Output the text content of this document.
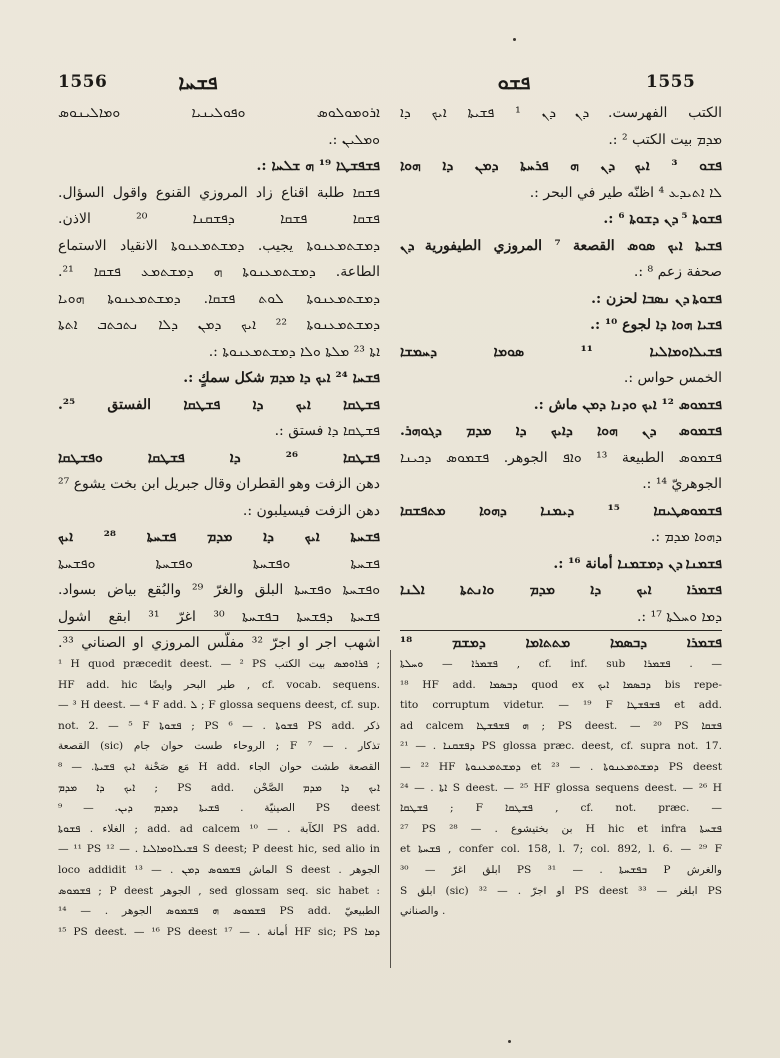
1556	ܦܫܚܐ	ܦܫܘ	1555
ܐܪܘܡܘܠܘܣ ܘܦܘܠܝܢܝܐ ܘܡܐܠܝܢܘܣ
ܘܡܠܝܢ :.
ܦܫܦܫܛܐ ¹⁹ ܗ ܫܠܚܐ :.
ܦܫܩܐ طلبة اقناع زاد المروزي القنوع واقول السؤال.
ܦܫܩܐ ܦܫܩܐ ܕܦܫܩܢܐ ²⁰ الاذن.
ܕܡܫܬܡܥܢܘܬܐ يجيب. ܕܡܫܬܡܥܢܘܬܐ الانقياد الاستماع
الطاعة. ܕܡܫܬܡܥܢܘܬܐ ܗ ܕܡܫܬܡܥ ܦܫܩܐ ²¹.
ܕܡܫܬܡܥܢܘܬܐ ܠܘܬ ܦܫܩܐ. ܕܡܫܬܡܥܢܘܬܐ ܗܘܝܐ
ܕܡܫܬܡܥܢܘܬܐ ²² ܐܝܟ ܕܡܢ ܕܠܐ ܢܬܟܬܒ ܐܬܬܐ
ܐܬܐ ²³ ܡܠܬܐ ܘܠܐ ܕܡܫܬܡܥܢܘܬܐ :.
ܦܫܚܐ ²⁴ ܐܝܟ ܕܐ ܡܕܡ شكل سمكٍ :.
ܦܫܛܩܐ ܐܝܟ ܕܐ ܦܫܛܩܐ الفستق ²⁵.
ܦܫܛܩܐ ܕܐ فستق :.
ܦܫܛܩܐ ²⁶ ܕܐ ܦܫܛܩܐ ܘܦܫܛܩܐ
دهن الزفت وهو القطران وقال جبريل ابن بخت يشوع ²⁷
دهن الزفت فيسيلبون :.
ܦܫܚܬܐ ܐܝܟ ܕܐ ܡܕܡ ܦܫܚܬܐ ²⁸ ܐܝܟ
ܦܫܚܬܐ ܘܦܫܚܬܐ ܘܦܫܚܬܐ ܘܦܫܚܬܐ
ܘܦܫܚܬܐ ܘܦܫܚܬܐ البلق والغرّ ²⁹ والبُقع بياض بسواد.
ܦܫܚܬܐ ܕܦܫܚܬܐ ܒܦܫܚܬܐ ³⁰ اغرّ ³¹ ابقع اشول
اشهب اجر او اجرّ ³² مفلّس المروزي او الصناني ³³.
الكتب الفهرست. ܕܢ ܕܢ ¹ ܦܫܝܬܐ ܐܝܟ ܕܐ
ܡܕܡ بيت الكتب ² :.
ܦܫܘ ³ ܐܝܟ ܕܢ ܗ ܦܪܚܬܐ ܕܡܢ ܕܐ ܗܘܐ
ܠܐ ܐܬܝܕܥ ⁴ اظنّه طير في البحر :.
ܦܫܘܬܐ ⁵ ܕܢ ܕܫܘܬܐ ⁶ :.
ܦܫܝܬܐ ܐܝܟ ܣܘܣ القصعة ⁷ المروزي الطيفورية ܕܢ
صحفة زعم ⁸ :.
ܦܫܘܬܐ ܕܢ ܢܣܒܐ لحزن :.
ܦܫܝܐ ܗܘܐ ܕܐ لجوع ¹⁰ :.
ܦܫܝܠܐܘܡܐܠܝܐ ¹¹ ܣܘܡܐ ܕܚܡܫܐ
الخمس حواس :.
ܦܫܡܘܣ ¹² ܐܝܟ ܘܕܢܐ ܕܡܢ ماش :.
ܦܫܡܘܣ ܕܢ ܗܘܐ ܕܐܝܟ ܕܐ ܡܕܡ ܕܓܘܗܪ.
ܦܫܡܘܣ الطبيعة ¹³ ܘܐܦ الجوهر. ܦܫܡܘܣ ܕܟܝܢܐ
الجوهريّ ¹⁴ :.
ܦܫܡܘܣܛܝܩܐ ¹⁵ ܕܝܡܢܐ ܕܗܘܐ ܡܬܦܫܩܐ
ܕܗܘܐ ܡܕܡ :.
ܦܫܡܢܐ ܕܢ ܕܡܫܡܢܐ أمانة ¹⁶ :.
ܦܫܡܪܐ ܐܝܟ ܕܐ ܡܕܡ ܘܐܢܬܬܐ ܐܠܢܐ
ܕܡܐ ܘܚܠܬܐ ¹⁷ :.
ܦܫܡܪܐ ܕܒܣܡܐ ܡܬܬܐܡܐ ܕܡܫܡ ¹⁸
¹ H quod præcedit deest. — ² PS ܦܪܐܘܡܣ بيت الكتب ;
HF add. hic طير البحر وايضًا , cf. vocab. sequens.
— ³ H deest. — ⁴ F add. ܠ ; F glossa sequens deest, cf. sup.
not. 2. — ⁵ F ܦܫܘܬܐ ; PS ܦܫܘܬܐ . — ⁶ PS add. ذكر
القصعة (sic) الروحاء طست حوان جام ; F ⁷ — . تذكار
مَع صَحْنة ܐܝܟ ܦܫܝܬܐ. — ⁸ H add. القصعة طشت حوان الجاء
ܐܝܟ ܕܐ ܡܕܡ ; PS add. ܐܝܟ ܕܐ ܡܕܡ الصَّحْن
الصينيّة . ܦܫܝܬܐ ܕܡܕܡ ܕܝܢ. — ⁹ PS deest
الغلاء . ܦܫܘܬܐ ; add. ad calcem الكآبة . — ¹⁰ PS add.
— ¹¹ PS ܦܫܝܠܐܘܡܐܠܝܐ . — ¹² S deest; P deest hic, sed alio in
loco addidit الماش ܦܫܡܘܣ ܕܡܢ . — ¹³ S deest . الجوهر
ܦܫܡܘܣ ; P deest الجوهر , sed glossam seq. sic habet :
ܦܫܡܘܣ ܗ ܦܫܡܘܣ الجوهر . — ¹⁴ PS add. الطبيعيّ
¹⁵ PS deest. — ¹⁶ PS deest أمانة . — ¹⁷ HF sic; PS ܕܡܐ
ܦܫܡܪܐ — ܘܚܠܬܐ , cf. inf. sub ܦܫܡܪܐ . —
¹⁸ HF add. ܕܒܣܡܐ quod ex ܕܒܣܡܐ ܐܝܟ bis repe-
tito corruptum videtur. — ¹⁹ F ܦܫܦܫܛܐ et add.
ad calcem ܗ ܦܫܦܫܛܐ ; PS deest. — ²⁰ PS ܦܫܩܐ
ܕܦܫܩܢܐ . — ²¹ PS glossa præc. deest, cf. supra not. 17.
— ²² HF ܕܡܫܬܡܥܢܘܬܐ et ܕܡܫܬܡܥܢܘܬܐ . — ²³ PS deest
ܐܬܐ . — ²⁴ S deest. — ²⁵ HF glossa sequens deest. — ²⁶ H
ܦܫܛܩܐ ; F ܦܫܛܩܐ , cf. not. præc. —
²⁷ PS بن بختيشوع . — ²⁸ H hic et infra ܦܫܚܬܐ
et ܦܫܚܬܐ , confer col. 158, l. 7; col. 892, l. 6. — ²⁹ F
ابلق اغرّ — ³⁰ PS ܒܦܫܚܬܐ . — ³¹ P والغرش
S ابلق (sic) او اجرّ . — ³² PS deest ابلغر — ³³ PS
والصناني .
